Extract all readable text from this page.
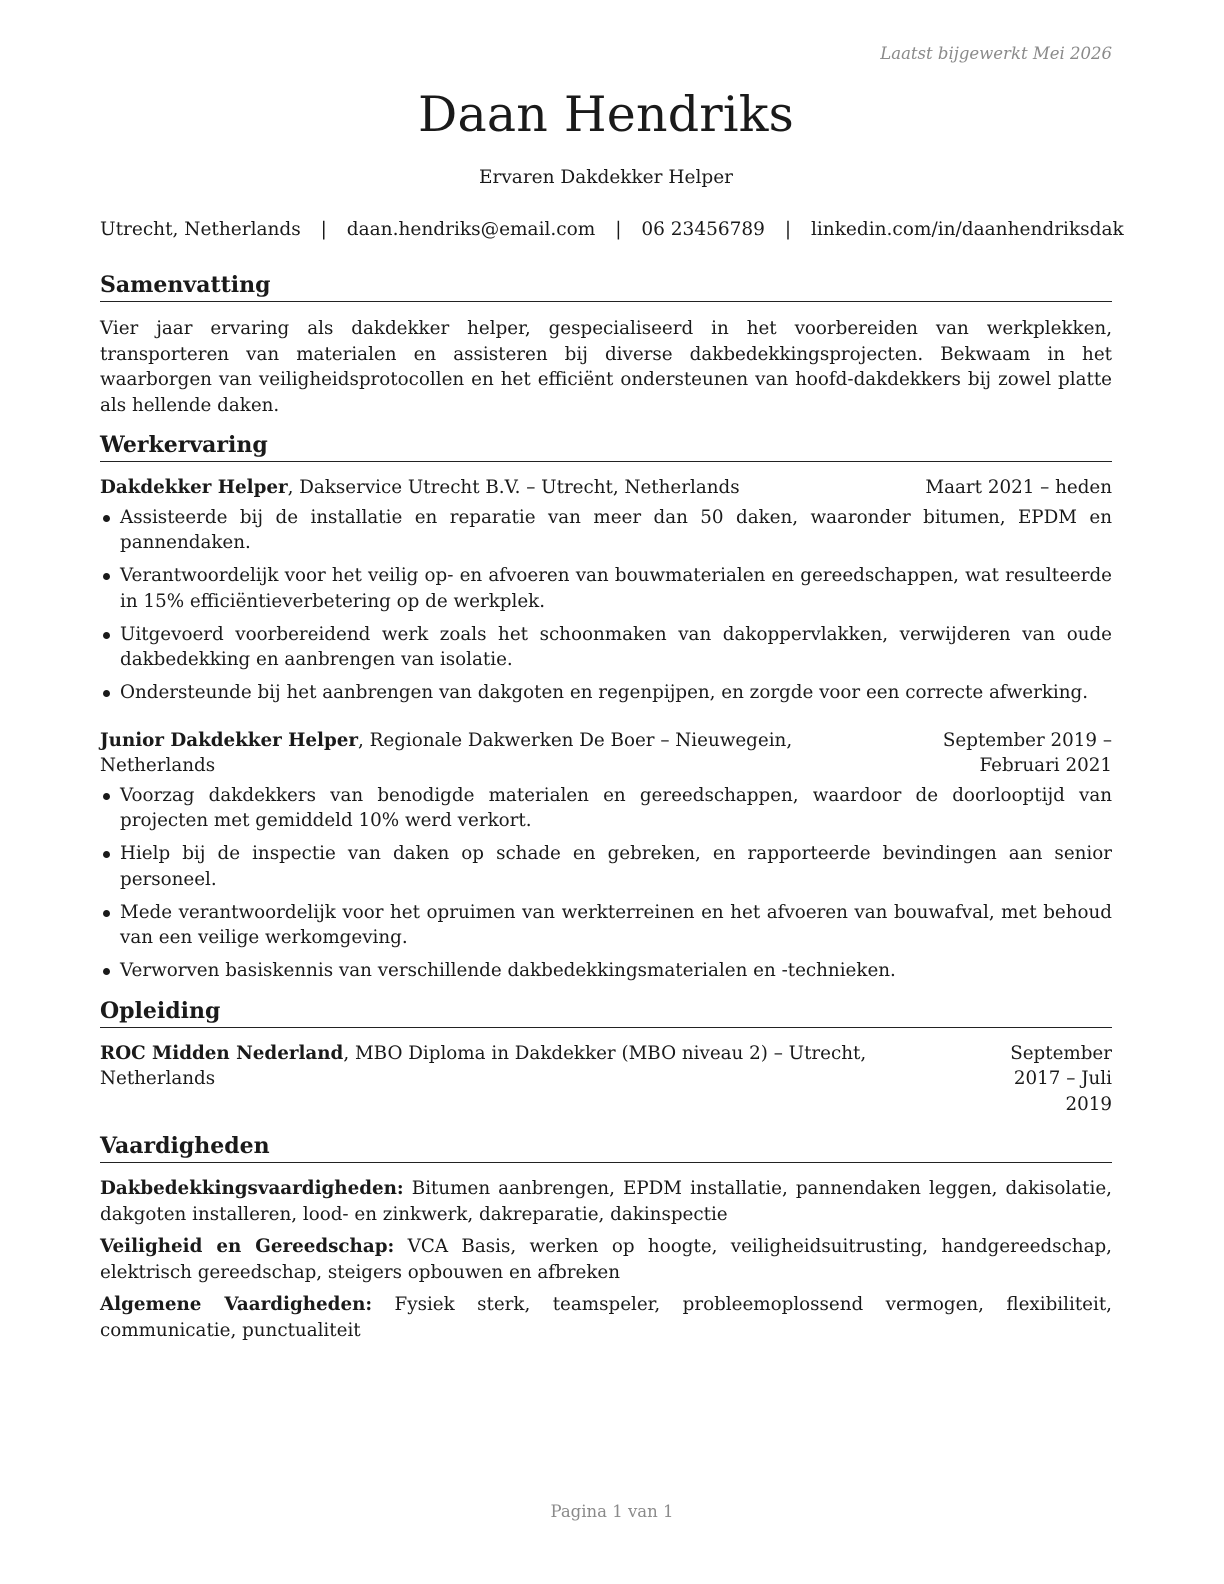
Laatst bijgewerkt Mei 2026
Daan Hendriks
Ervaren Dakdekker Helper
Utrecht, Netherlands | daan.hendriks@email.com | 06 23456789 | linkedin.com/in/daanhendriksdak
Samenvatting

Vier jaar ervaring als dakdekker helper, gespecialiseerd in het voorbereiden van werkplekken, transporteren van materialen en assisteren bij diverse dakbedekkingsprojecten. Bekwaam in het waarborgen van veiligheidsprotocollen en het efficiënt ondersteunen van hoofd-dakdekkers bij zowel platte als hellende daken.

Werkervaring
Dakdekker Helper, Dakservice Utrecht B.V. – Utrecht, Netherlands	Maart 2021 – heden
Assisteerde bij de installatie en reparatie van meer dan 50 daken, waaronder bitumen, EPDM en pannendaken.
Verantwoordelijk voor het veilig op- en afvoeren van bouwmaterialen en gereedschappen, wat resulteerde in 15% efficiëntieverbetering op de werkplek.
Uitgevoerd voorbereidend werk zoals het schoonmaken van dakoppervlakken, verwijderen van oude dakbedekking en aanbrengen van isolatie.
Ondersteunde bij het aanbrengen van dakgoten en regenpijpen, en zorgde voor een correcte afwerking.
Junior Dakdekker Helper, Regionale Dakwerken De Boer – Nieuwegein, Netherlands
September 2019 – Februari 2021
Voorzag dakdekkers van benodigde materialen en gereedschappen, waardoor de doorlooptijd van projecten met gemiddeld 10% werd verkort.
Hielp bij de inspectie van daken op schade en gebreken, en rapporteerde bevindingen aan senior personeel.
Mede verantwoordelijk voor het opruimen van werkterreinen en het afvoeren van bouwafval, met behoud van een veilige werkomgeving.
Verworven basiskennis van verschillende dakbedekkingsmaterialen en -technieken.
Opleiding
ROC Midden Nederland, MBO Diploma in Dakdekker (MBO niveau 2) – Utrecht, Netherlands
September 2017 – Juli 2019
Vaardigheden
Dakbedekkingsvaardigheden: Bitumen aanbrengen, EPDM installatie, pannendaken leggen, dakisolatie, dakgoten installeren, lood- en zinkwerk, dakreparatie, dakinspectie
Veiligheid en Gereedschap: VCA Basis, werken op hoogte, veiligheidsuitrusting, handgereedschap, elektrisch gereedschap, steigers opbouwen en afbreken
Algemene Vaardigheden: Fysiek sterk, teamspeler, probleemoplossend vermogen, flexibiliteit, communicatie, punctualiteit
Pagina 1 van 1
